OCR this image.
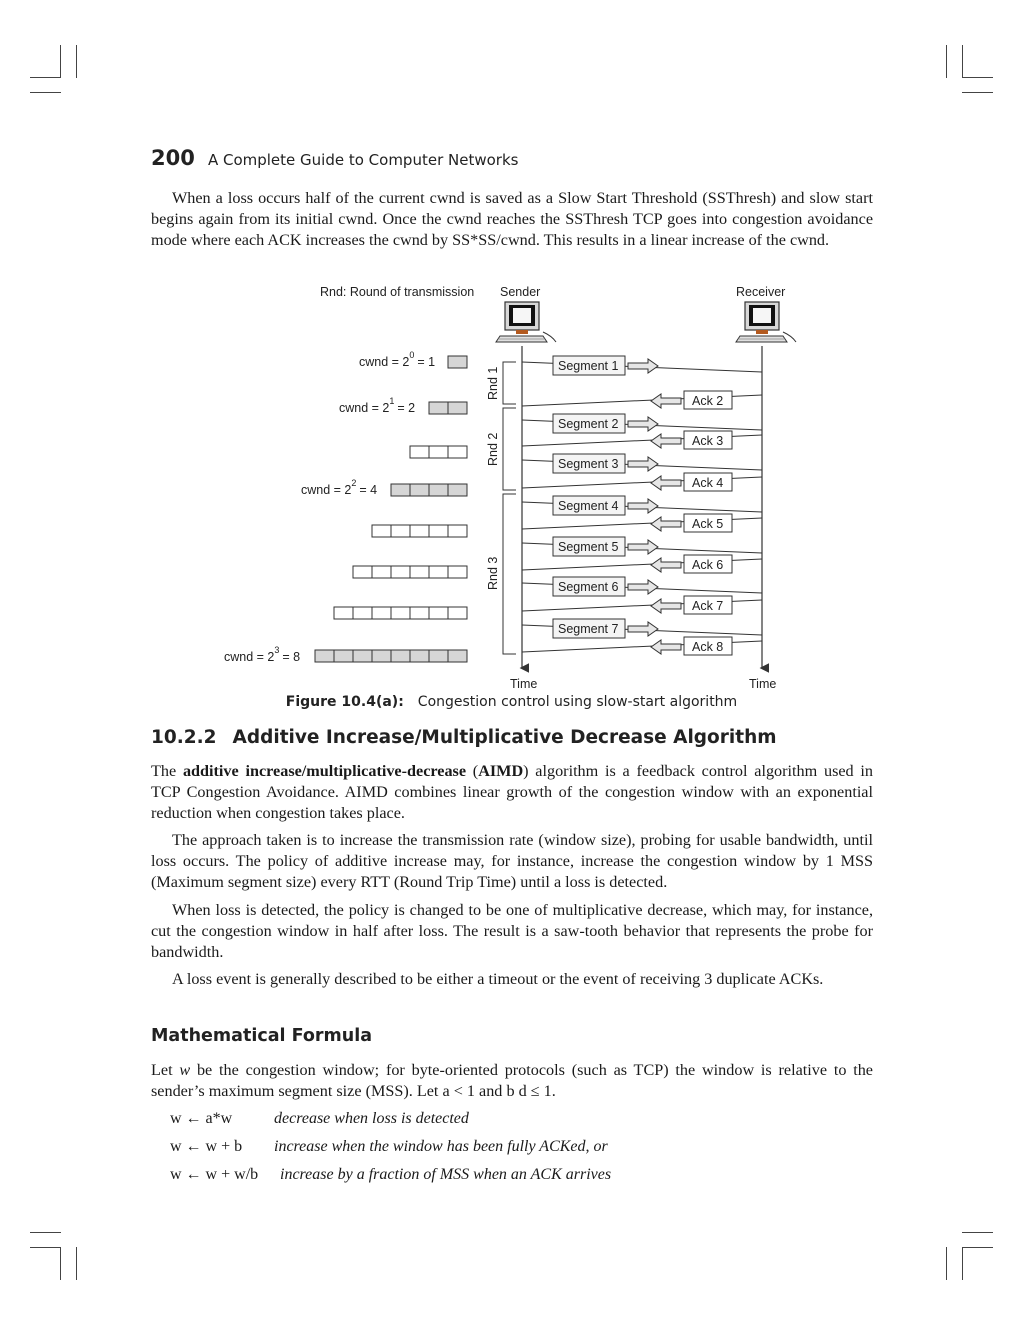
200 A Complete Guide to Computer Networks

When a loss occurs half of the current cwnd is saved as a Slow Start Threshold (SSThresh) and slow start begins again from its initial cwnd. Once the cwnd reaches the SSThresh TCP goes into congestion avoidance mode where each ACK increases the cwnd by SS*SS/cwnd. This results in a linear increase of the cwnd.

Rnd: Round of transmission Sender	Receiver
Time	Time
Rnd 1
Rnd 2
Rnd 3
cwnd = $2^0 = 1$
cwnd = $2^1 = 2$
cwnd = $2^2 = 4$
cwnd = $2^3 = 8$
Segment 1
Segment 2
Segment 3
Segment 4
Segment 5
Segment 6
Segment 7
Ack 2
Ack 3
Ack 4
Ack 5
Ack 6
Ack 7
Ack 8
Figure 10.4(a): Congestion control using slow-start algorithm
10.2.2 Additive Increase/Multiplicative Decrease Algorithm

The additive increase/multiplicative-decrease (AIMD) algorithm is a feedback control algorithm used in TCP Congestion Avoidance. AIMD combines linear growth of the congestion window with an exponential reduction when congestion takes place.

The approach taken is to increase the transmission rate (window size), probing for usable bandwidth, until loss occurs. The policy of additive increase may, for instance, increase the congestion window by 1 MSS (Maximum segment size) every RTT (Round Trip Time) until a loss is detected.

When loss is detected, the policy is changed to be one of multiplicative decrease, which may, for instance, cut the congestion window in half after loss. The result is a saw-tooth behavior that represents the probe for bandwidth.

A loss event is generally described to be either a timeout or the event of receiving 3 duplicate ACKs.

Mathematical Formula

Let w be the congestion window; for byte-oriented protocols (such as TCP) the window is relative to the sender’s maximum segment size (MSS). Let a < 1 and b d ≤ 1.

w ← a*w	decrease when loss is detected
w ← w + b increase when the window has been fully ACKed, or
w ← w + w/b increase by a fraction of MSS when an ACK arrives
